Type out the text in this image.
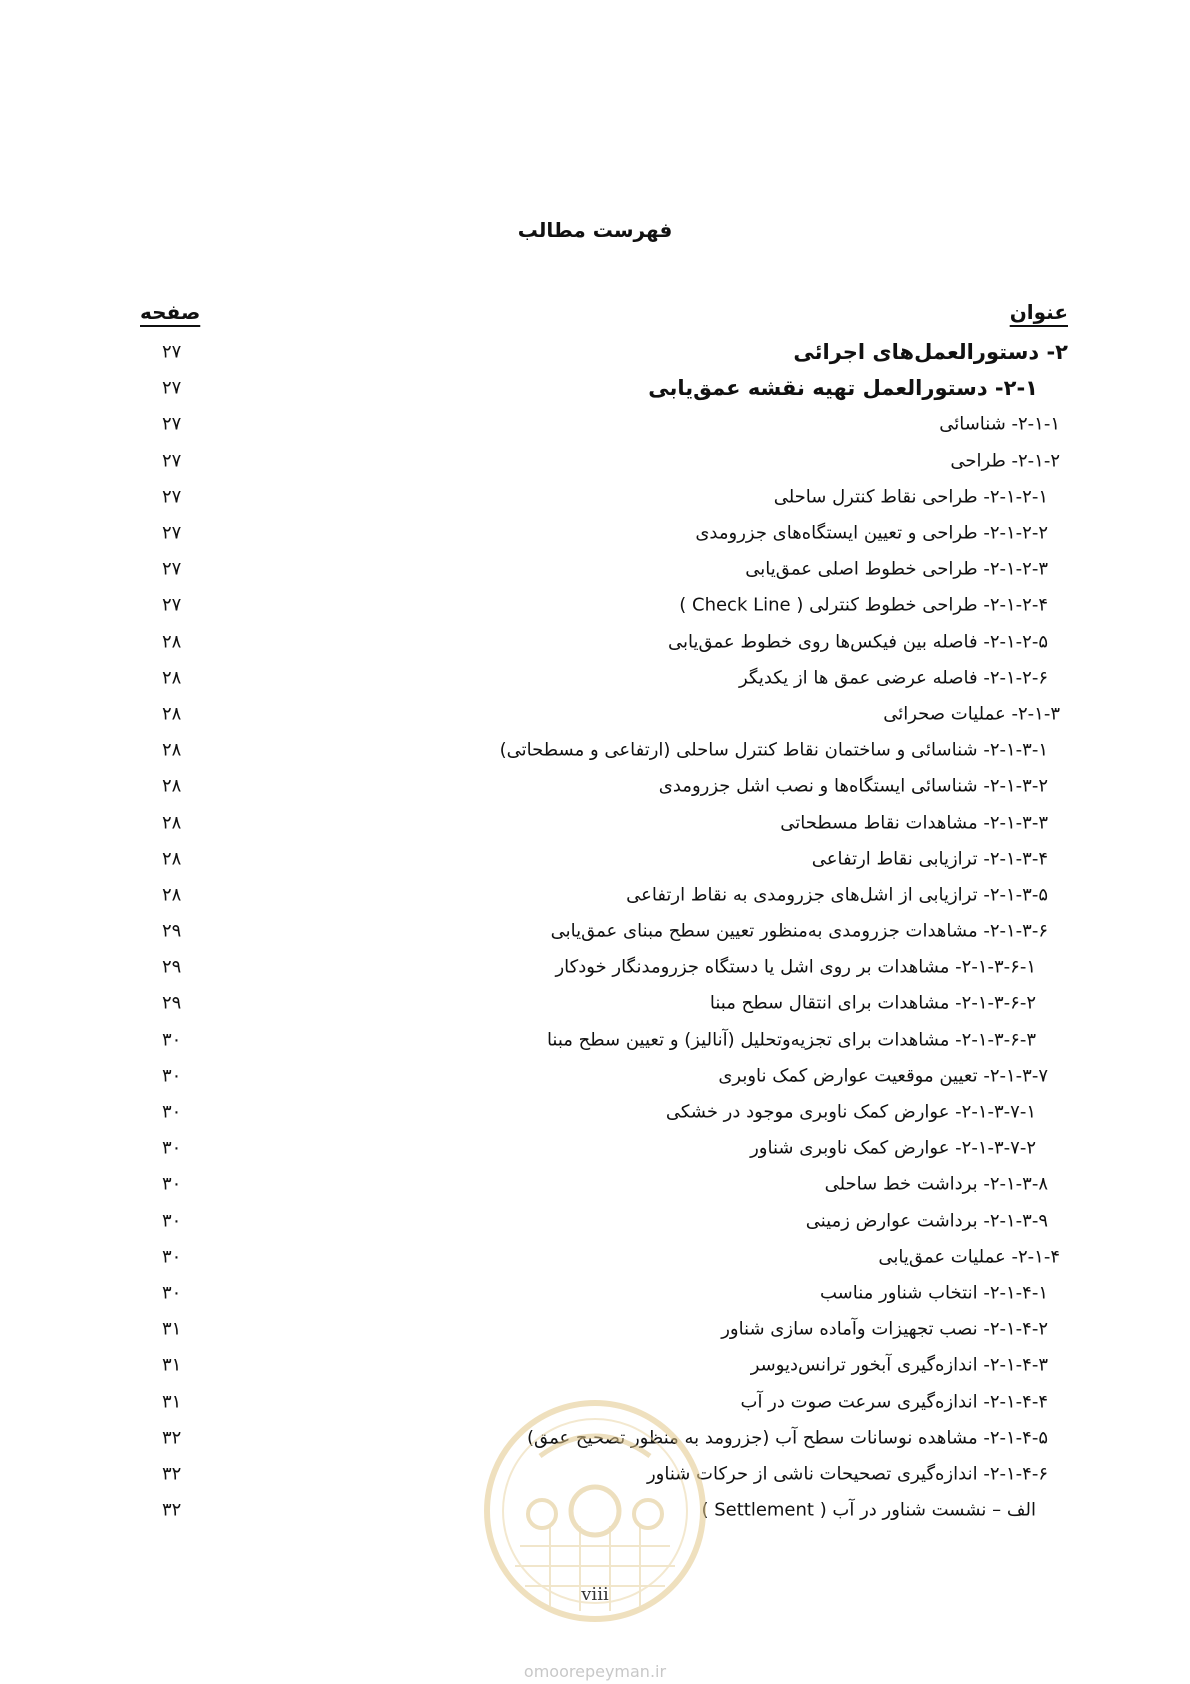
فهرست مطالب
عنوان
صفحه
۲- دستورالعمل‌های اجرائی
۲۷
۲-۱- دستورالعمل تهیه نقشه عمق‌یابی
۲۷
۲-۱-۱- شناسائی
۲۷
۲-۱-۲- طراحی
۲۷
۲-۱-۲-۱- طراحی نقاط کنترل ساحلی
۲۷
۲-۱-۲-۲- طراحی و تعیین ایستگاه‌های جزرومدی
۲۷
۲-۱-۲-۳- طراحی خطوط اصلی عمق‌یابی
۲۷
۲-۱-۲-۴- طراحی خطوط کنترلی ( Check Line )
۲۷
۲-۱-۲-۵- فاصله بین فیکس‌ها روی خطوط عمق‌یابی
۲۸
۲-۱-۲-۶- فاصله عرضی عمق ها از یکدیگر
۲۸
۲-۱-۳- عملیات صحرائی
۲۸
۲-۱-۳-۱- شناسائی و ساختمان نقاط کنترل ساحلی (ارتفاعی و مسطحاتی)
۲۸
۲-۱-۳-۲- شناسائی ایستگاه‌ها و نصب اشل جزرومدی
۲۸
۲-۱-۳-۳- مشاهدات نقاط مسطحاتی
۲۸
۲-۱-۳-۴- ترازیابی نقاط ارتفاعی
۲۸
۲-۱-۳-۵- ترازیابی از اشل‌های جزرومدی به نقاط ارتفاعی
۲۸
۲-۱-۳-۶- مشاهدات جزرومدی به‌منظور تعیین سطح مبنای عمق‌یابی
۲۹
۲-۱-۳-۶-۱- مشاهدات بر روی اشل یا دستگاه جزرومدنگار خودکار
۲۹
۲-۱-۳-۶-۲- مشاهدات برای انتقال سطح مبنا
۲۹
۲-۱-۳-۶-۳- مشاهدات برای تجزیه‌وتحلیل (آنالیز) و تعیین سطح مبنا
۳۰
۲-۱-۳-۷- تعیین موقعیت عوارض کمک ناوبری
۳۰
۲-۱-۳-۷-۱- عوارض کمک ناوبری موجود در خشکی
۳۰
۲-۱-۳-۷-۲- عوارض کمک ناوبری شناور
۳۰
۲-۱-۳-۸- برداشت خط ساحلی
۳۰
۲-۱-۳-۹- برداشت عوارض زمینی
۳۰
۲-۱-۴- عملیات عمق‌یابی
۳۰
۲-۱-۴-۱- انتخاب شناور مناسب
۳۰
۲-۱-۴-۲- نصب تجهیزات وآماده سازی شناور
۳۱
۲-۱-۴-۳- اندازه‌گیری آبخور ترانس‌دیوسر
۳۱
۲-۱-۴-۴- اندازه‌گیری سرعت صوت در آب
۳۱
۲-۱-۴-۵- مشاهده نوسانات سطح آب (جزرومد به منظور تصحیح عمق)
۳۲
۲-۱-۴-۶- اندازه‌گیری تصحیحات ناشی از حرکات شناور
۳۲
الف – نشست شناور در آب ( Settlement )
۳۲
viii
omoorepeyman.ir
